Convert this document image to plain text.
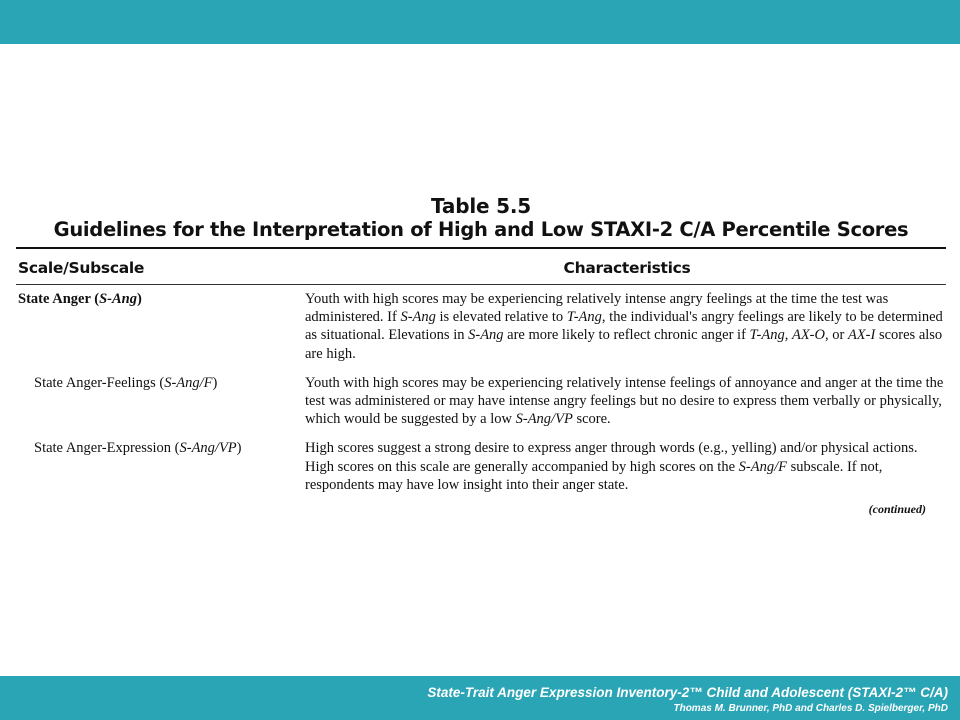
Table 5.5
Guidelines for the Interpretation of High and Low STAXI-2 C/A Percentile Scores
Scale/Subscale	Characteristics
State Anger (S-Ang)	Youth with high scores may be experiencing relatively intense angry feelings at the time the test was administered. If S-Ang is elevated relative to T-Ang, the individual's angry feelings are likely to be determined as situational. Elevations in S-Ang are more likely to reflect chronic anger if T-Ang, AX-O, or AX-I scores also are high.
State Anger-Feelings (S-Ang/F)	Youth with high scores may be experiencing relatively intense feelings of annoyance and anger at the time the test was administered or may have intense angry feelings but no desire to express them verbally or physically, which would be suggested by a low S-Ang/VP score.
State Anger-Expression (S-Ang/VP)	High scores suggest a strong desire to express anger through words (e.g., yelling) and/or physical actions. High scores on this scale are generally accompanied by high scores on the S-Ang/F subscale. If not, respondents may have low insight into their anger state.
(continued)
State-Trait Anger Expression Inventory-2™ Child and Adolescent (STAXI-2™ C/A)
Thomas M. Brunner, PhD and Charles D. Spielberger, PhD
